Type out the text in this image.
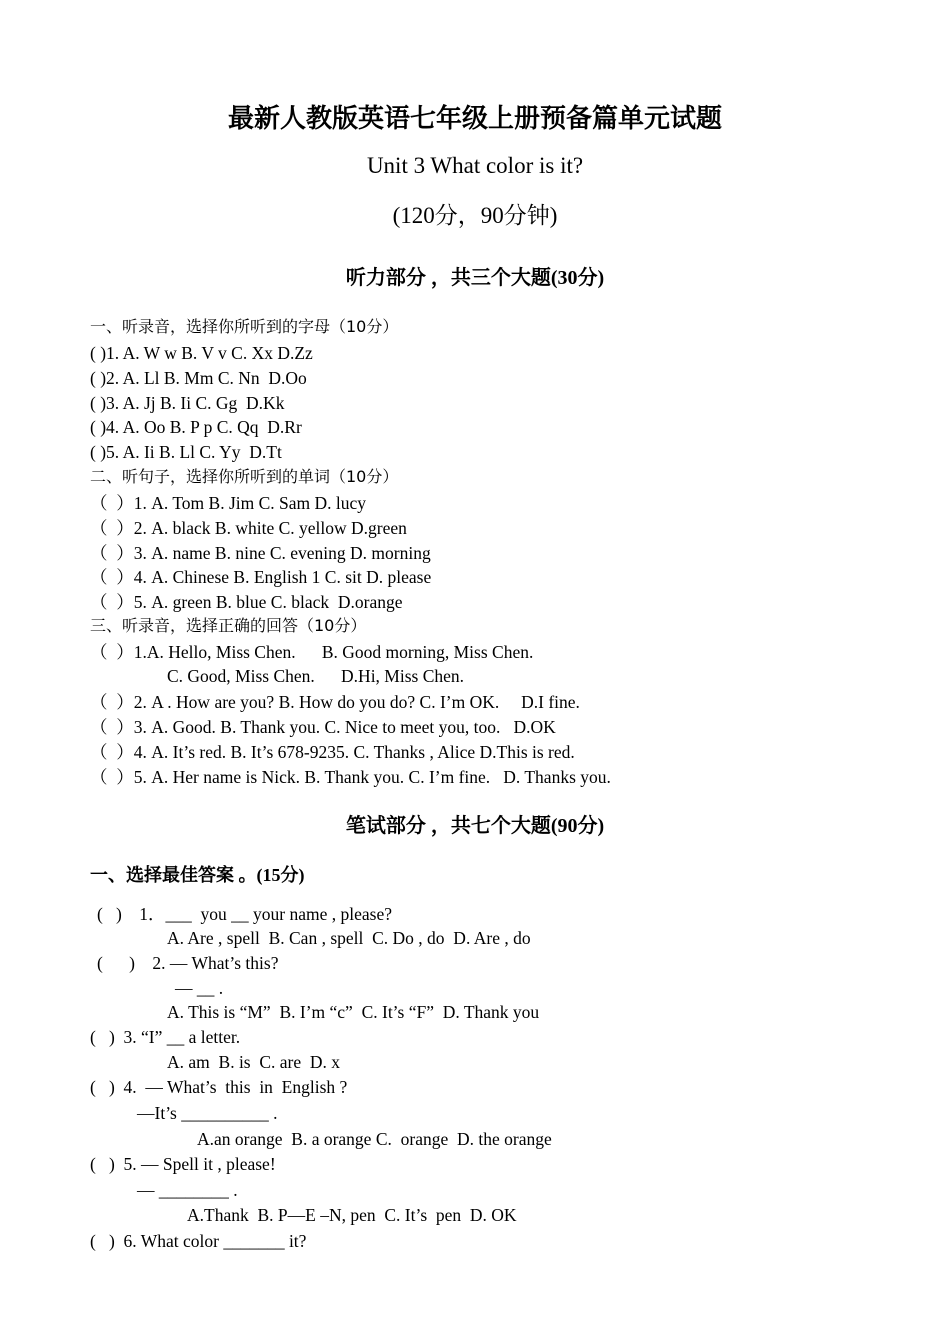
最新人教版英语七年级上册预备篇单元试题
Unit 3 What color is it?
(120分，90分钟)
听力部分 ，共三个大题(30分)
一、听录音，选择你所听到的字母（10分）
( )1. A. W w B. V v C. Xx D.Zz
( )2. A. Ll B. Mm C. Nn  D.Oo
( )3. A. Jj B. Ii C. Gg  D.Kk
( )4. A. Oo B. P p C. Qq  D.Rr
( )5. A. Ii B. Ll C. Yy  D.Tt
二、听句子，选择你所听到的单词（10分）
（  ）1. A. Tom B. Jim C. Sam D. lucy
（  ）2. A. black B. white C. yellow D.green
（  ）3. A. name B. nine C. evening D. morning
（  ）4. A. Chinese B. English 1 C. sit D. please
（  ）5. A. green B. blue C. black  D.orange
三、听录音，选择正确的回答（10分）
（  ）1.A. Hello, Miss Chen.      B. Good morning, Miss Chen.
C. Good, Miss Chen.      D.Hi, Miss Chen.
（  ）2. A . How are you? B. How do you do? C. I’m OK.     D.I fine.
（  ）3. A. Good. B. Thank you. C. Nice to meet you, too.   D.OK
（  ）4. A. It’s red. B. It’s 678-9235. C. Thanks , Alice D.This is red.
（  ）5. A. Her name is Nick. B. Thank you. C. I’m fine.   D. Thanks you.
笔试部分 ，共七个大题(90分)
一、选择最佳答案 。(15分)
(   )    1．___  you __ your name , please?
A. Are , spell  B. Can , spell  C. Do , do  D. Are , do
(      )    2. — What’s this?
— __ .
A. This is “M”  B. I’m “c”  C. It’s “F”  D. Thank you
(   )  3. “I” __ a letter.
A. am  B. is  C. are  D. x
(   )  4.  — What’s  this  in  English ?
—It’s __________ .
A.an orange  B. a orange C.  orange  D. the orange
(   )  5. — Spell it , please!
— ________ .
A.Thank  B. P—E –N, pen  C. It’s  pen  D. OK
(   )  6. What color _______ it?
